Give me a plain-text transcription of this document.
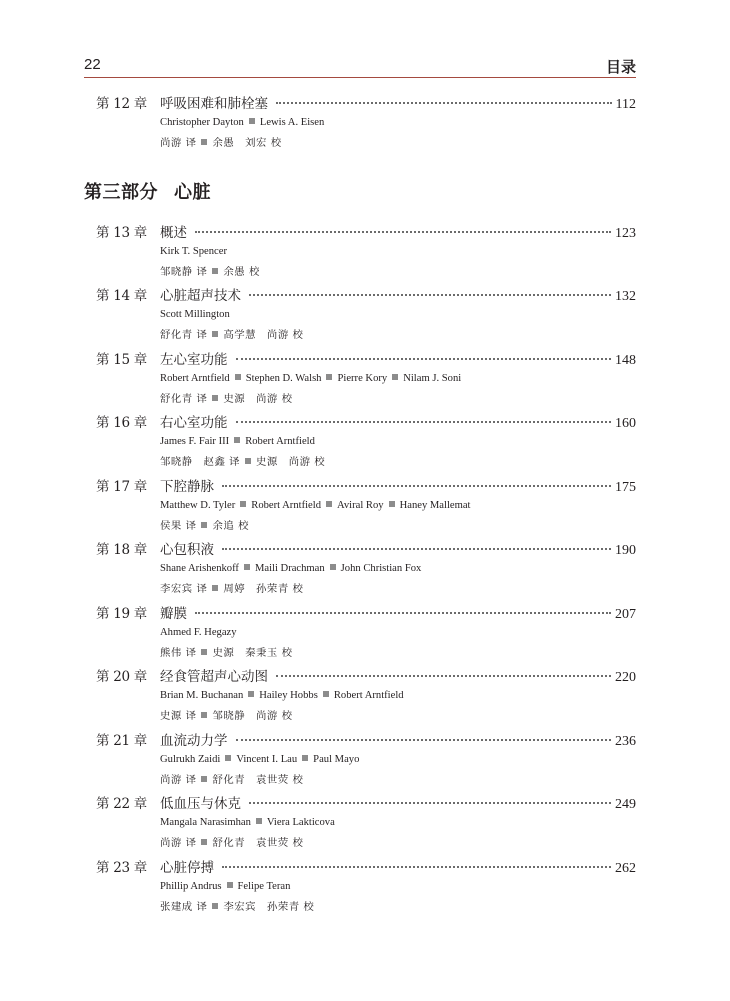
22	目录
第三部分 心脏
第 12 章 呼吸困难和肺栓塞	112
Christopher Dayton Lewis A. Eisen
尚游 译 余愚　刘宏 校
第 13 章 概述	123
Kirk T. Spencer
邹晓静 译 余愚 校
第 14 章 心脏超声技术	132
Scott Millington
舒化青 译 高学慧　尚游 校
第 15 章 左心室功能	148
Robert Arntfield Stephen D. Walsh Pierre Kory Nilam J. Soni
舒化青 译 史源　尚游 校
第 16 章 右心室功能	160
James F. Fair III Robert Arntfield
邹晓静　赵鑫 译 史源　尚游 校
第 17 章 下腔静脉	175
Matthew D. Tyler Robert Arntfield Aviral Roy Haney Mallemat
侯果 译 余追 校
第 18 章 心包积液	190
Shane Arishenkoff Maili Drachman John Christian Fox
李宏宾 译 周婷　孙荣青 校
第 19 章 瓣膜	207
Ahmed F. Hegazy
熊伟 译 史源　秦秉玉 校
第 20 章 经食管超声心动图	220
Brian M. Buchanan Hailey Hobbs Robert Arntfield
史源 译 邹晓静　尚游 校
第 21 章 血流动力学	236
Gulrukh Zaidi Vincent I. Lau Paul Mayo
尚游 译 舒化青　袁世荧 校
第 22 章 低血压与休克	249
Mangala Narasimhan Viera Lakticova
尚游 译 舒化青　袁世荧 校
第 23 章 心脏停搏	262
Phillip Andrus Felipe Teran
张建成 译 李宏宾　孙荣青 校
